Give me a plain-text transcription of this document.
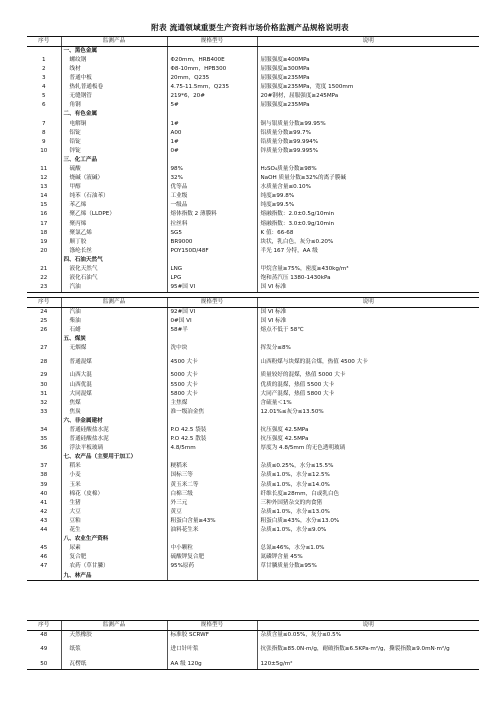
附表 流通领域重要生产资料市场价格监测产品规格说明表
序号	监测产品	规格型号	说明
	一、黑色金属		
1	螺纹钢	Φ20mm，HRB400E	屈服强度≥400MPa
2	线材	Φ8-10mm，HPB300	屈服强度≥300MPa
3	普通中板	20mm，Q235	屈服强度≥235MPa
4	热轧普通板卷	4.75-11.5mm，Q235	屈服强度≥235MPa，宽度 1500mm
5	无缝钢管	219*6，20#	20#钢材，屈服强度≥245MPa
6	角钢	5#	屈服强度≥235MPa
	二、有色金属		
7	电解铜	1#	铜与银质量分数≥99.95%
8	铝锭	A00	铝质量分数≥99.7%
9	铅锭	1#	铅质量分数≥99.994%
10	锌锭	0#	锌质量分数≥99.995%
	三、化工产品		
11	硫酸	98%	H₂SO₄质量分数≥98%
12	烧碱（液碱）	32%	NaOH 质量分数≥32%的离子膜碱
13	甲醇	优等品	水质量含量≤0.10%
14	纯苯（石油苯）	工业级	纯度≥99.8%
15	苯乙烯	一级品	纯度≥99.5%
16	聚乙烯（LLDPE）	熔体指数 2 薄膜料	熔融指数：2.0±0.5g/10min
17	聚丙烯	拉丝料	熔融指数：3.0±0.9g/10min
18	聚氯乙烯	SG5	K 值：66-68
19	顺丁胶	BR9000	块状，乳白色，灰分≤0.20%
20	涤纶长丝	POY150D/48F	半光 167 分特，AA 级
	四、石油天然气		
21	液化天然气	LNG	甲烷含量≥75%，密度≥430kg/m³
22	液化石油气	LPG	饱和蒸汽压 1380-1430kPa
23	汽油	95#国 VI	国 VI 标准
序号	监测产品	规格型号	说明
24	汽油	92#国 VI	国 VI 标准
25	柴油	0#国 VI	国 VI 标准
26	石蜡	58#半	熔点不低于 58℃
	五、煤炭		
27	无烟煤	洗中块	挥发分≤8%
28	普通混煤	4500 大卡	山西粉煤与块煤的混合煤，热值 4500 大卡
29	山西大混	5000 大卡	质量较好的混煤，热值 5000 大卡
30	山西优混	5500 大卡	优质的混煤，热值 5500 大卡
31	大同混煤	5800 大卡	大同产混煤，热值 5800 大卡
32	焦煤	主焦煤	含硫量＜1%
33	焦炭	准一级冶金焦	12.01%≤灰分≤13.50%
	六、非金属建材		
34	普通硅酸盐水泥	P.O 42.5 袋装	抗压强度 42.5MPa
35	普通硅酸盐水泥	P.O 42.5 散装	抗压强度 42.5MPa
36	浮法平板玻璃	4.8/5mm	厚度为 4.8/5mm 的无色透明玻璃
	七、农产品（主要用于加工）		
37	稻米	粳稻米	杂质≤0.25%，水分≤15.5%
38	小麦	国标三等	杂质≤1.0%，水分≤12.5%
39	玉米	黄玉米二等	杂质≤1.0%，水分≤14.0%
40	棉花（皮棉）	白棉三级	纤维长度≥28mm，白或乳白色
41	生猪	外三元	三种外国猪杂交的肉食猪
42	大豆	黄豆	杂质≤1.0%，水分≤13.0%
43	豆粕	粗蛋白含量≥43%	粗蛋白质≥43%，水分≤13.0%
44	花生	油料花生米	杂质≤1.0%，水分≤9.0%
	八、农业生产资料		
45	尿素	中小颗粒	总氮≥46%，水分≤1.0%
46	复合肥	硫酸钾复合肥	氮磷钾含量 45%
47	农药（草甘膦）	95%原药	草甘膦质量分数≥95%
	九、林产品		
序号	监测产品	规格型号	说明
48	天然橡胶	标准胶 SCRWF	杂质含量≤0.05%，灰分≤0.5%
49	纸浆	进口针叶浆	抗张指数≥85.0N·m/g，耐破指数≥6.5KPa·m²/g，撕裂指数≥9.0mN·m²/g
50	瓦楞纸	AA 级 120g	120±5g/m²
